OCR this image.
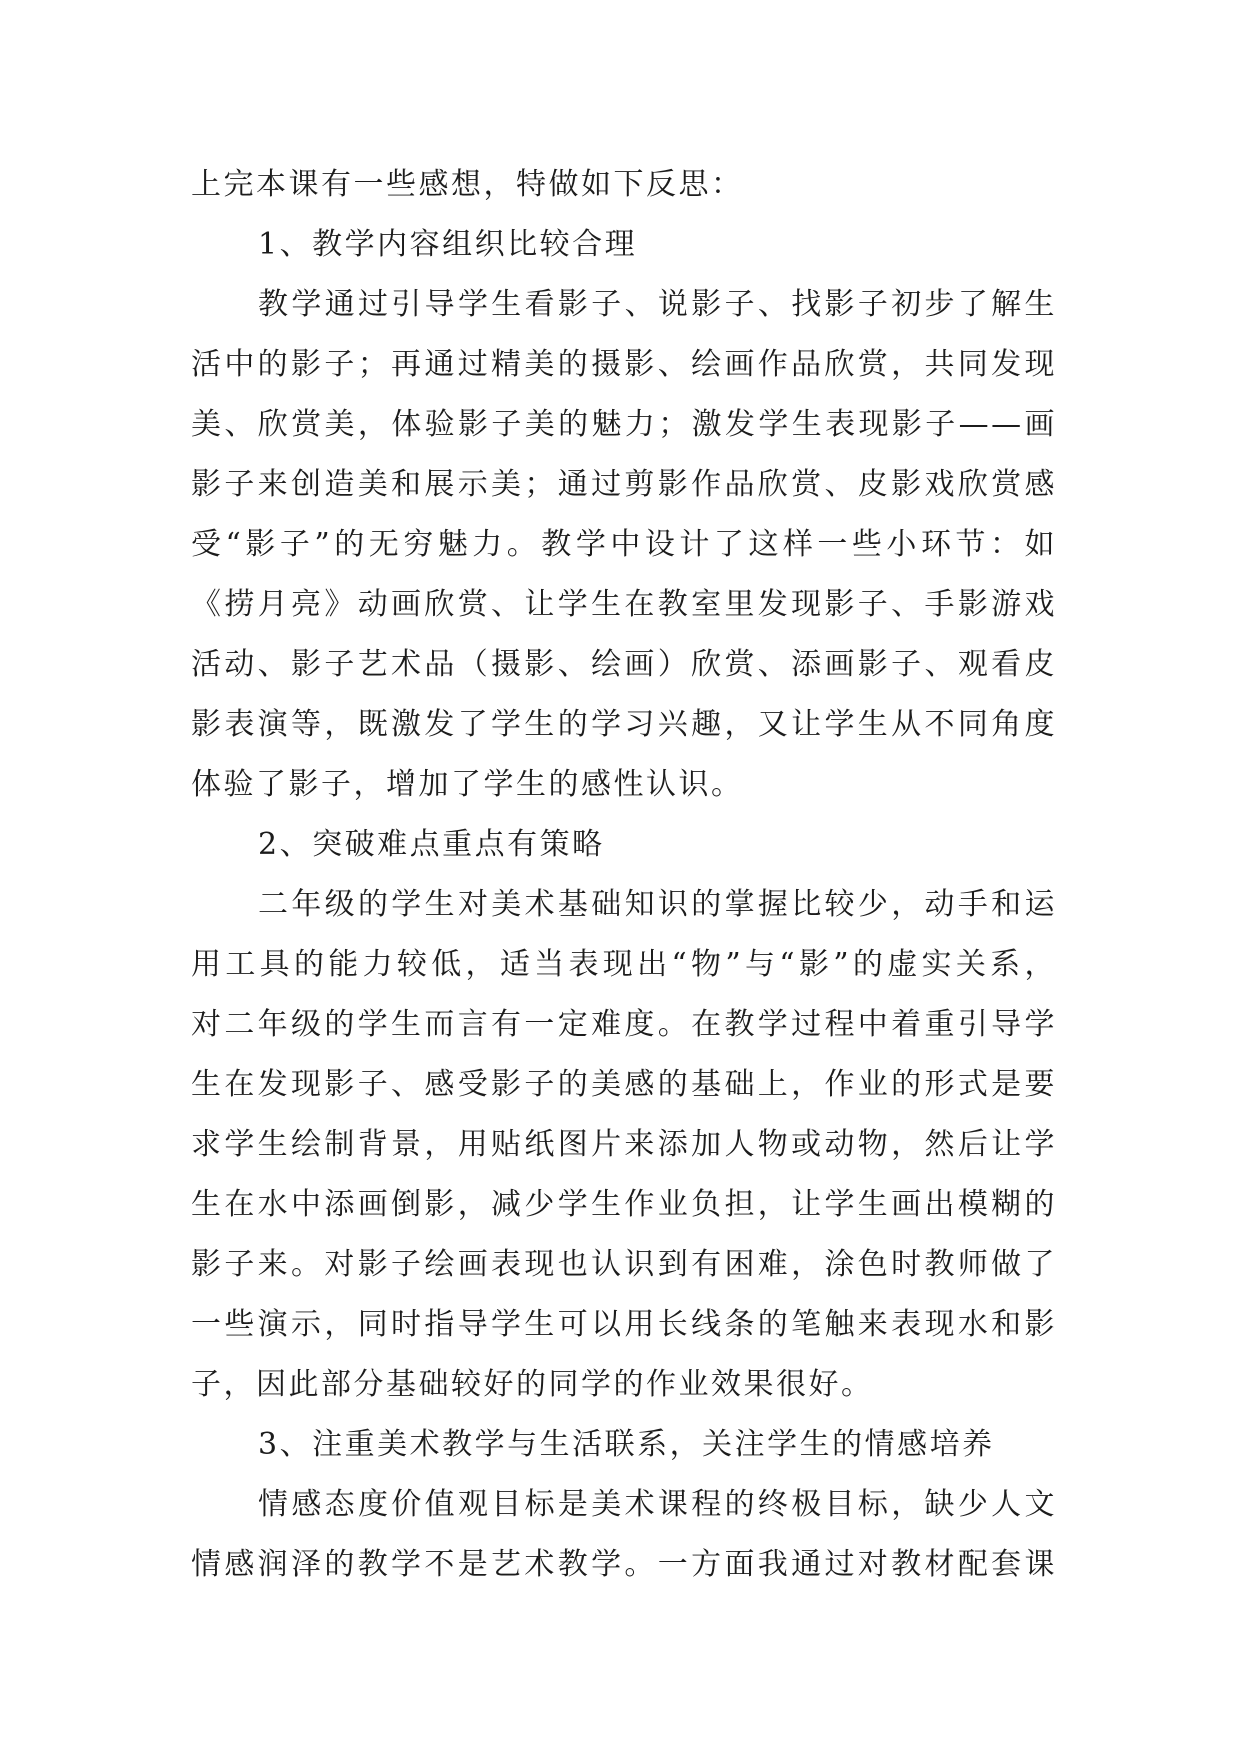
上完本课有一些感想，特做如下反思：
1、教学内容组织比较合理
教学通过引导学生看影子、说影子、找影子初步了解生
活中的影子；再通过精美的摄影、绘画作品欣赏，共同发现
美、欣赏美，体验影子美的魅力；激发学生表现影子——画
影子来创造美和展示美；通过剪影作品欣赏、皮影戏欣赏感
受“影子”的无穷魅力。教学中设计了这样一些小环节：如
《捞月亮》动画欣赏、让学生在教室里发现影子、手影游戏
活动、影子艺术品（摄影、绘画）欣赏、添画影子、观看皮
影表演等，既激发了学生的学习兴趣，又让学生从不同角度
体验了影子，增加了学生的感性认识。
2、突破难点重点有策略
二年级的学生对美术基础知识的掌握比较少，动手和运
用工具的能力较低，适当表现出“物”与“影”的虚实关系，
对二年级的学生而言有一定难度。在教学过程中着重引导学
生在发现影子、感受影子的美感的基础上，作业的形式是要
求学生绘制背景，用贴纸图片来添加人物或动物，然后让学
生在水中添画倒影，减少学生作业负担，让学生画出模糊的
影子来。对影子绘画表现也认识到有困难，涂色时教师做了
一些演示，同时指导学生可以用长线条的笔触来表现水和影
子，因此部分基础较好的同学的作业效果很好。
3、注重美术教学与生活联系，关注学生的情感培养
情感态度价值观目标是美术课程的终极目标，缺少人文
情感润泽的教学不是艺术教学。一方面我通过对教材配套课
